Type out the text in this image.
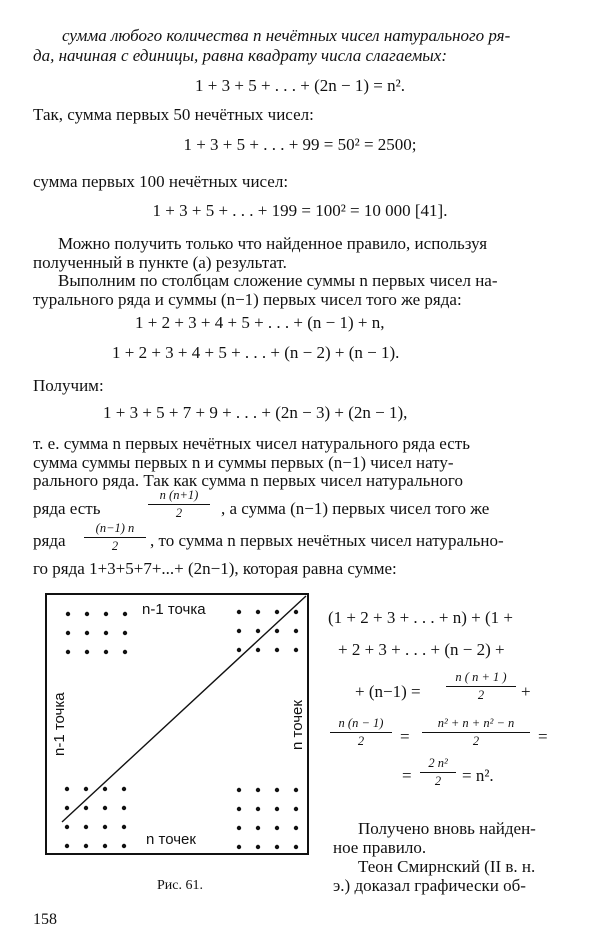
сумма любого количества n нечётных чисел натурального ря-
да, начиная с единицы, равна квадрату числа слагаемых:
1 + 3 + 5 + . . . + (2n − 1) = n².
Так, сумма первых 50 нечётных чисел:
1 + 3 + 5 + . . . + 99 = 50² = 2500;
сумма первых 100 нечётных чисел:
1 + 3 + 5 + . . . + 199 = 100² = 10 000 [41].
Можно получить только что найденное правило, используя
полученный в пункте (а) результат.
Выполним по столбцам сложение суммы n первых чисел на-
турального ряда и суммы (n−1) первых чисел того же ряда:
1 + 2 + 3 + 4 + 5 + . . . + (n − 1) + n,
1 + 2 + 3 + 4 + 5 + . . . + (n − 2) + (n − 1).
Получим:
1 + 3 + 5 + 7 + 9 + . . . + (2n − 3) + (2n − 1),
т. е. сумма n первых нечётных чисел натурального ряда есть
сумма суммы первых n и суммы первых (n−1) чисел нату-
рального ряда. Так как сумма n первых чисел натурального
ряда есть
n (n+1)
2	, а сумма (n−1) первых чисел того же
ряда
(n−1) n
2	, то сумма n первых нечётных чисел натурально-
го ряда 1+3+5+7+...+ (2n−1), которая равна сумме:
n-1 точка
n точек
n-1 точка	n точек
Рис. 61.
(1 + 2 + 3 + . . . + n) + (1 +
+ 2 + 3 + . . . + (n − 2) +
+ (n−1) =
n ( n + 1 )
2	+
n (n − 1)
2	=
n² + n + n² − n
2	=
=
2 n²
2	= n².
Получено вновь найден-
ное правило.
Теон Смирнский (II в. н.
э.) доказал графически об-
158
